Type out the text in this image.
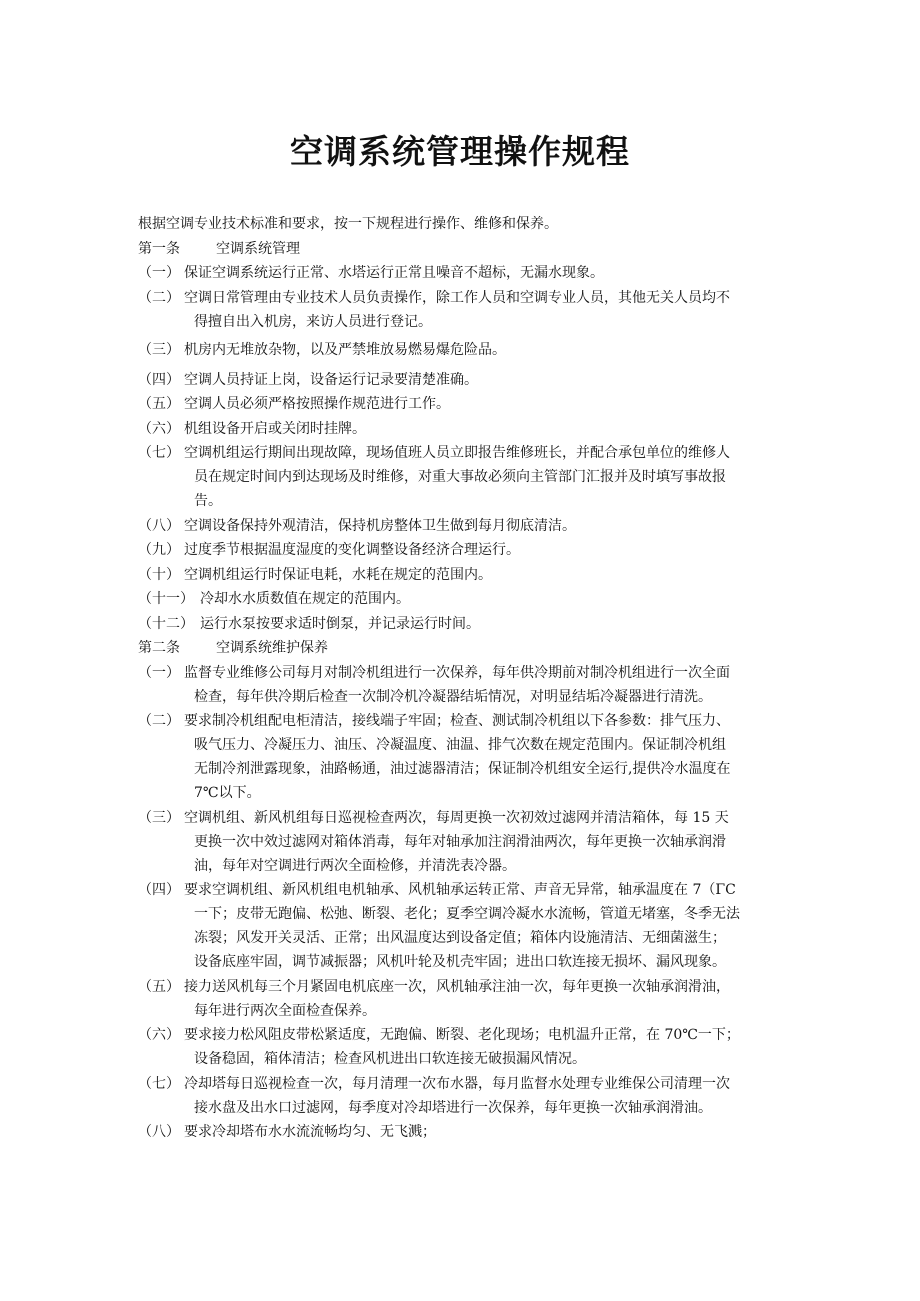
空调系统管理操作规程
根据空调专业技术标准和要求，按一下规程进行操作、维修和保养。
第一条	空调系统管理
（一） 保证空调系统运行正常、水塔运行正常且噪音不超标，无漏水现象。
（二） 空调日常管理由专业技术人员负责操作，除工作人员和空调专业人员，其他无关人员均不
得擅自出入机房，来访人员进行登记。
（三） 机房内无堆放杂物，以及严禁堆放易燃易爆危险品。
（四） 空调人员持证上岗，设备运行记录要清楚准确。
（五） 空调人员必须严格按照操作规范进行工作。
（六） 机组设备开启或关闭时挂牌。
（七） 空调机组运行期间出现故障，现场值班人员立即报告维修班长，并配合承包单位的维修人
员在规定时间内到达现场及时维修，对重大事故必须向主管部门汇报并及时填写事故报
告。
（八） 空调设备保持外观清洁，保持机房整体卫生做到每月彻底清洁。
（九） 过度季节根据温度湿度的变化调整设备经济合理运行。
（十） 空调机组运行时保证电耗，水耗在规定的范围内。
（十一） 冷却水水质数值在规定的范围内。
（十二） 运行水泵按要求适时倒泵，并记录运行时间。
第二条	空调系统维护保养
（一） 监督专业维修公司每月对制冷机组进行一次保养，每年供冷期前对制冷机组进行一次全面
检查，每年供冷期后检查一次制冷机冷凝器结垢情况，对明显结垢冷凝器进行清洗。
（二） 要求制冷机组配电柜清洁，接线端子牢固；检查、测试制冷机组以下各参数：排气压力、
吸气压力、冷凝压力、油压、冷凝温度、油温、排气次数在规定范围内。保证制冷机组
无制冷剂泄露现象，油路畅通，油过滤器清洁；保证制冷机组安全运行,提供冷水温度在
7℃以下。
（三） 空调机组、新风机组每日巡视检查两次，每周更换一次初效过滤网并清洁箱体，每 15 天
更换一次中效过滤网对箱体消毒，每年对轴承加注润滑油两次，每年更换一次轴承润滑
油，每年对空调进行两次全面检修，并清洗表冷器。
（四） 要求空调机组、新风机组电机轴承、风机轴承运转正常、声音无异常，轴承温度在 7（ΓC
一下；皮带无跑偏、松弛、断裂、老化；夏季空调冷凝水水流畅，管道无堵塞，冬季无法
冻裂；风发开关灵活、正常；出风温度达到设备定值；箱体内设施清洁、无细菌滋生；
设备底座牢固，调节减振器；风机叶轮及机壳牢固；进出口软连接无损坏、漏风现象。
（五） 接力送风机每三个月紧固电机底座一次，风机轴承注油一次，每年更换一次轴承润滑油，
每年进行两次全面检查保养。
（六） 要求接力松风阻皮带松紧适度，无跑偏、断裂、老化现场；电机温升正常，在 70℃一下；
设备稳固，箱体清洁；检查风机进出口软连接无破损漏风情况。
（七） 冷却塔每日巡视检查一次，每月清理一次布水器，每月监督水处理专业维保公司清理一次
接水盘及出水口过滤网，每季度对冷却塔进行一次保养，每年更换一次轴承润滑油。
（八） 要求冷却塔布水水流流畅均匀、无飞溅；
